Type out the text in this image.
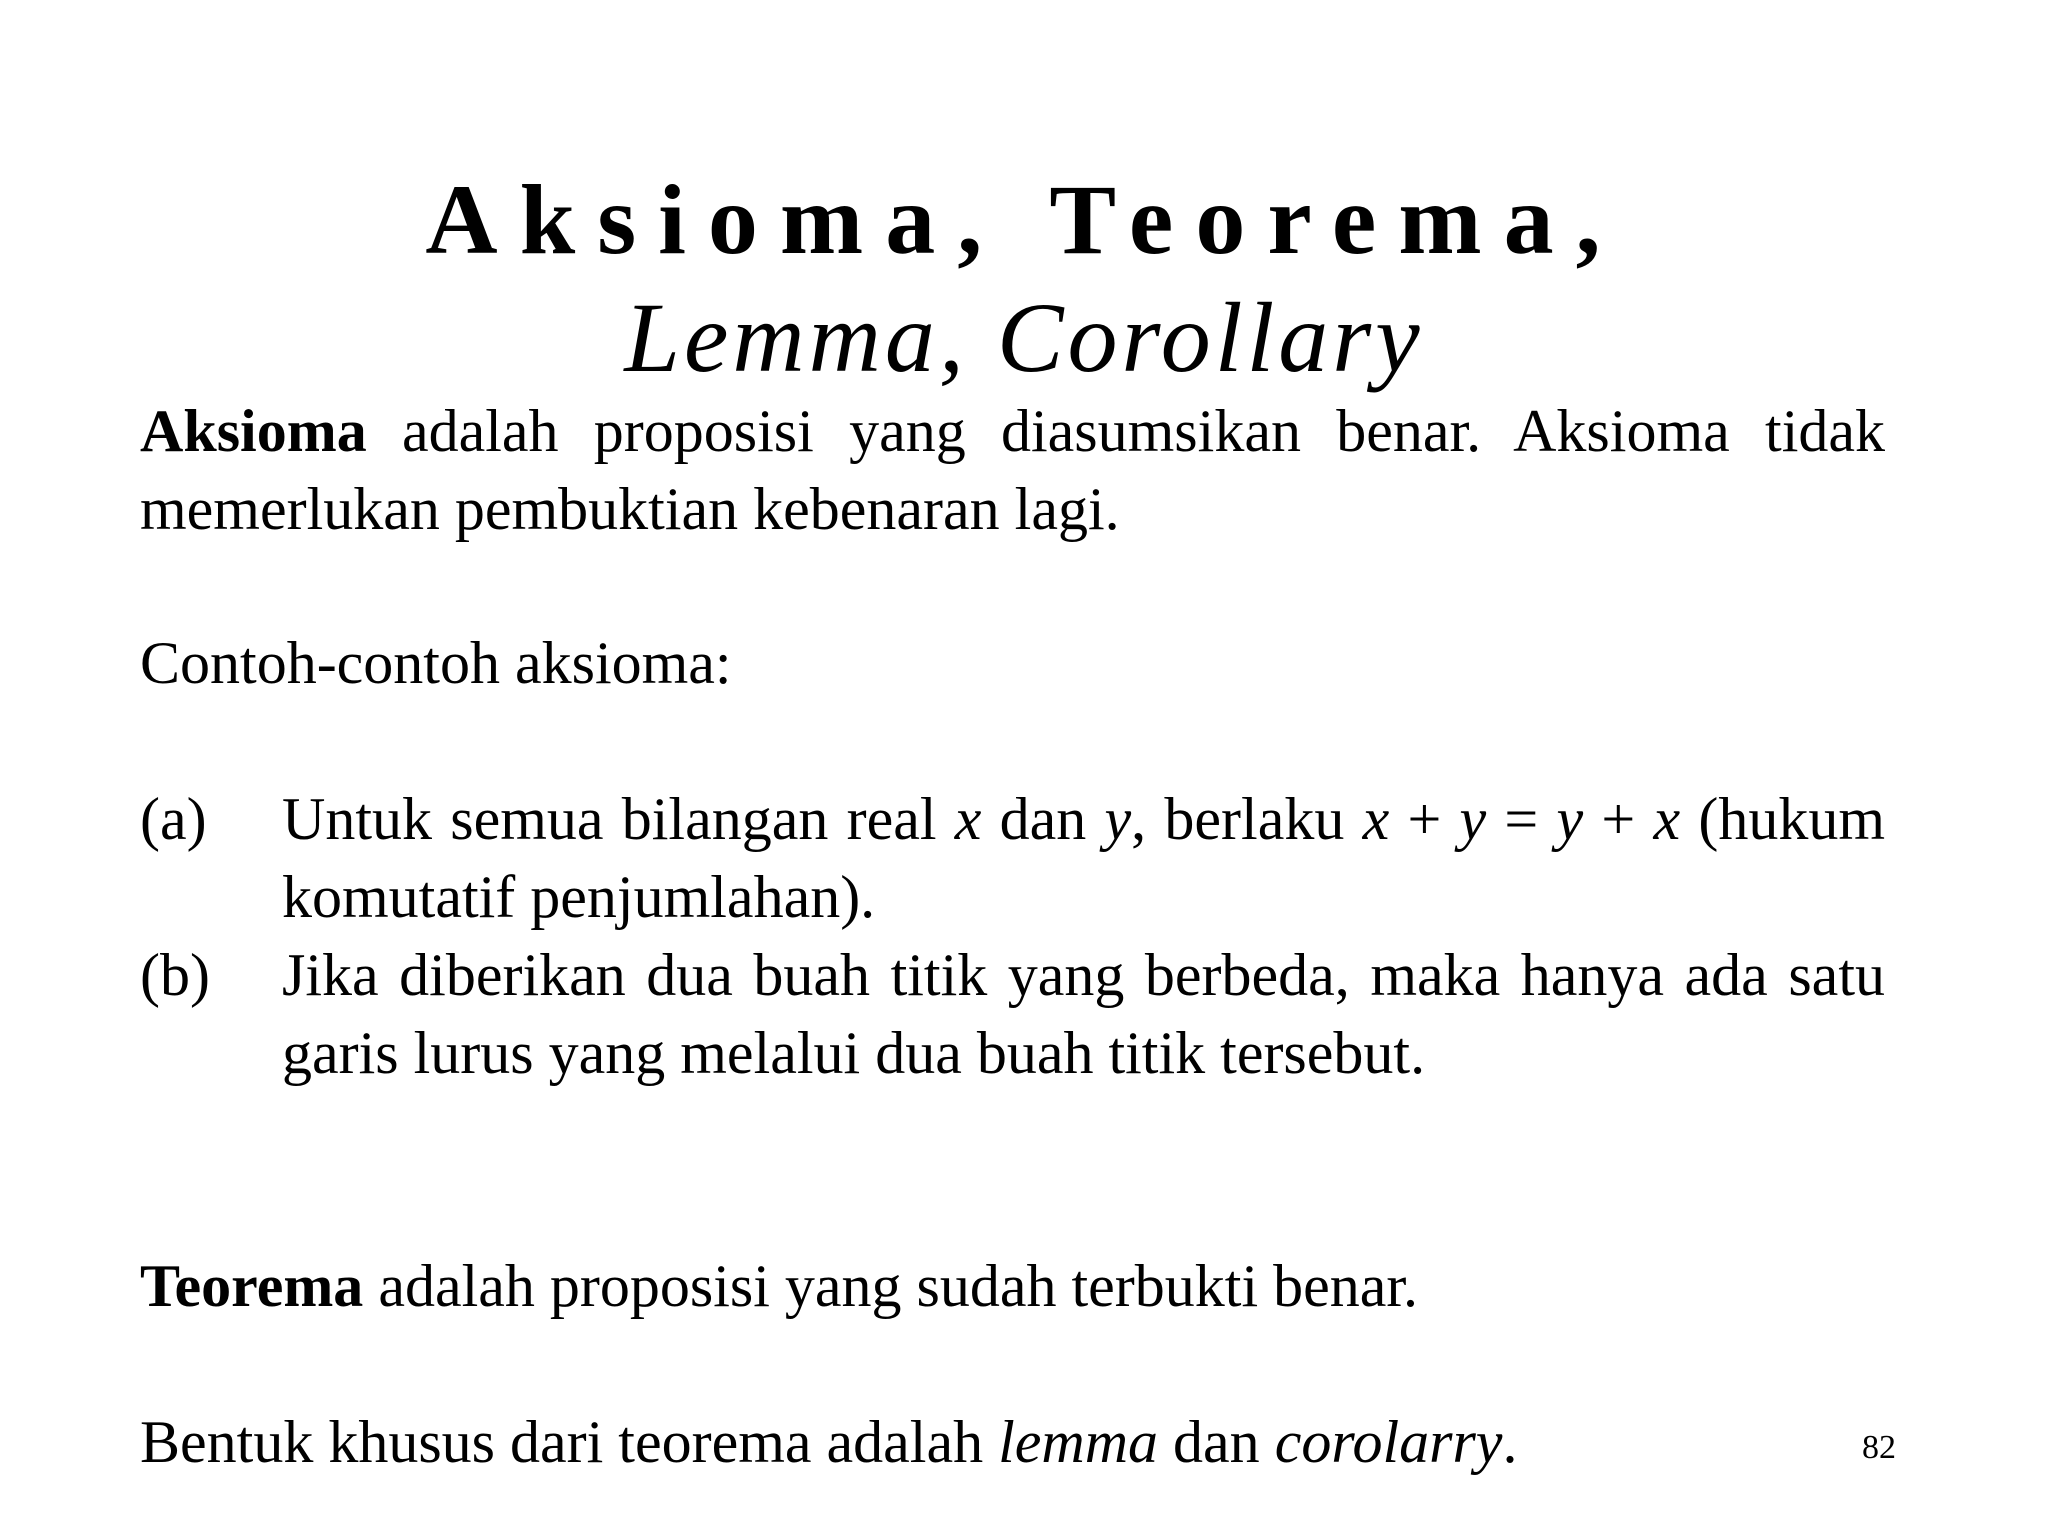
Aksioma, Teorema,
Lemma, Corollary
Aksioma adalah proposisi yang diasumsikan benar. Aksioma tidak memerlukan pembuktian kebenaran lagi.
Contoh-contoh aksioma:
(a) Untuk semua bilangan real x dan y, berlaku x + y = y + x (hukum komutatif penjumlahan).
(b) Jika diberikan dua buah titik yang berbeda, maka hanya ada satu garis lurus yang melalui dua buah titik tersebut.
Teorema adalah proposisi yang sudah terbukti benar.
Bentuk khusus dari teorema adalah lemma dan corolarry.	82
